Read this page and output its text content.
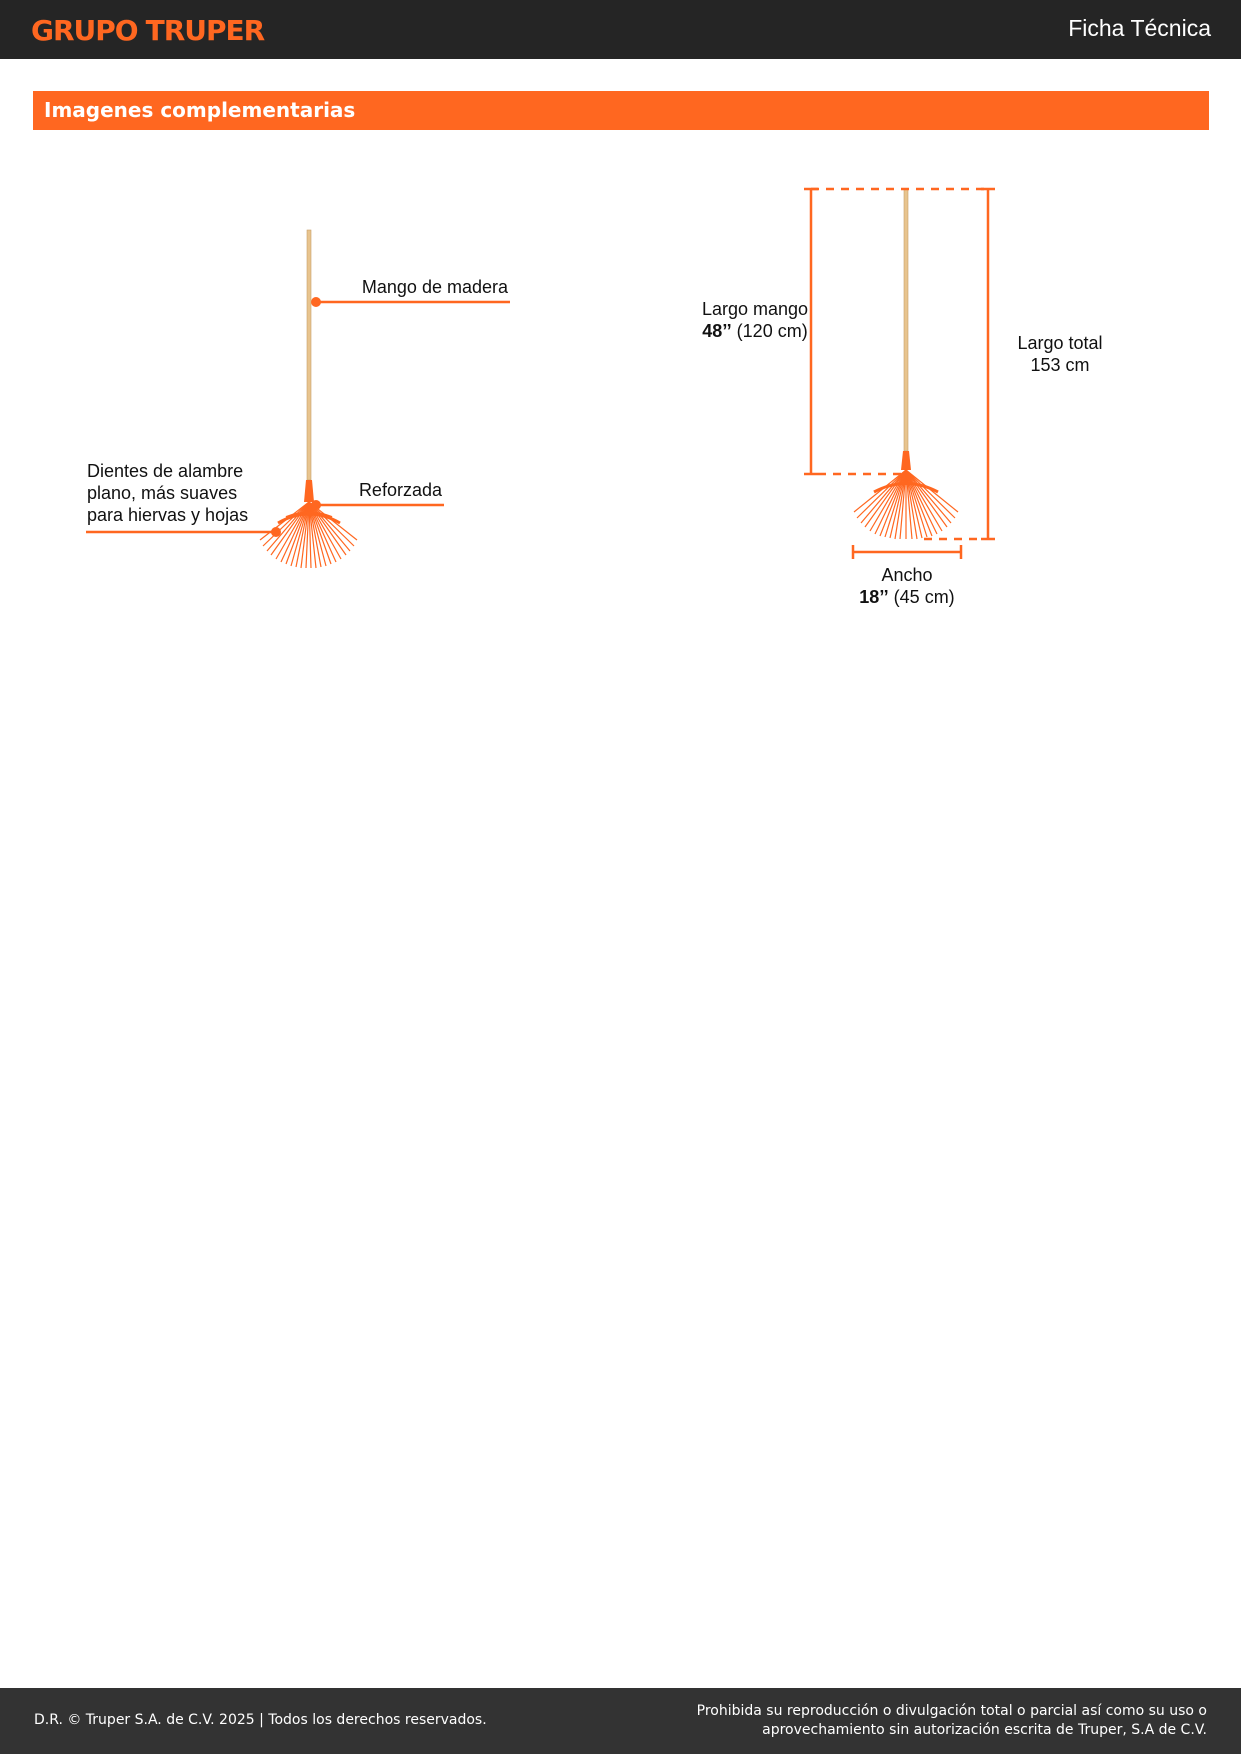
GRUPO TRUPER	Ficha Técnica
Imagenes complementarias
Mango de madera
Reforzada
Dientes de alambre
plano, más suaves
para hiervas y hojas
Largo mango
48’’ (120 cm)
Largo total
153 cm
Ancho
18’’ (45 cm)
D.R. © Truper S.A. de C.V. 2025 | Todos los derechos reservados.
Prohibida su reproducción o divulgación total o parcial así como su uso o
aprovechamiento sin autorización escrita de Truper, S.A de C.V.
